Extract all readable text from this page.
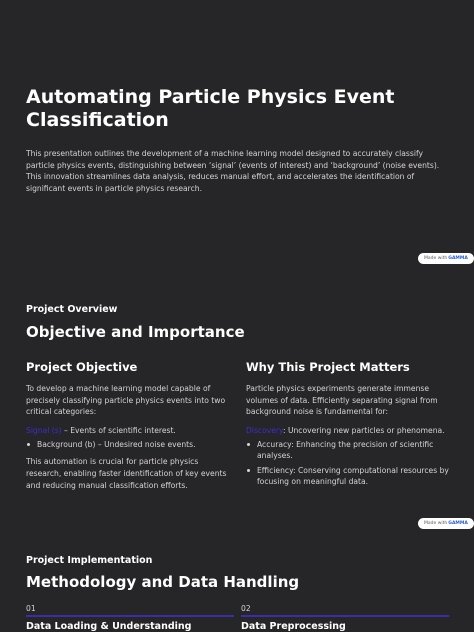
Automating Particle Physics Event Classification

This presentation outlines the development of a machine learning model designed to accurately classify particle physics events, distinguishing between ‘signal’ (events of interest) and ‘background’ (noise events). This innovation streamlines data analysis, reduces manual effort, and accelerates the identification of significant events in particle physics research.

Made with GAMMA

Project Overview

Objective and Importance
Project Objective

To develop a machine learning model capable of precisely classifying particle physics events into two critical categories:

Signal (s) – Events of scientific interest.
Background (b) – Undesired noise events.

This automation is crucial for particle physics research, enabling faster identification of key events and reducing manual classification efforts.

Why This Project Matters

Particle physics experiments generate immense volumes of data. Efficiently separating signal from background noise is fundamental for:

Discovery: Uncovering new particles or phenomena.
Accuracy: Enhancing the precision of scientific analyses.
Efficiency: Conserving computational resources by focusing on meaningful data.
Made with GAMMA

Project Implementation

Methodology and Data Handling
01
Data Loading & Understanding
02
Data Preprocessing
